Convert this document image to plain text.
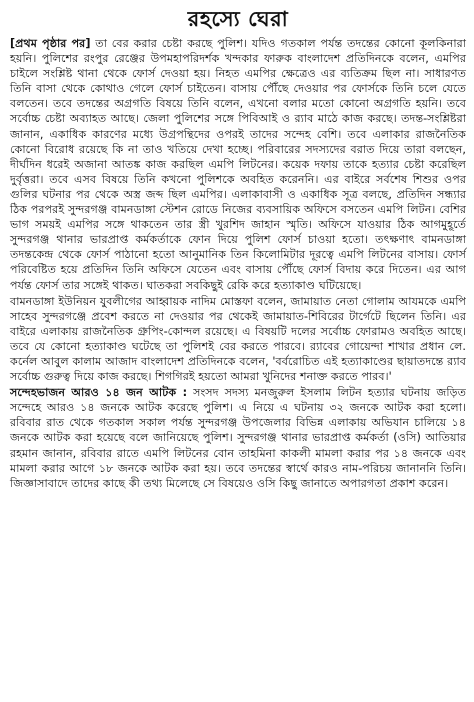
রহস্যে ঘেরা

[প্রথম পৃষ্ঠার পর] তা বের করার চেষ্টা করছে পুলিশ। যদিও গতকাল পর্যন্ত তদন্তের কোনো কূলকিনারা হয়নি। পুলিশের রংপুর রেঞ্জের উপমহাপরিদর্শক খন্দকার ফারুক বাংলাদেশ প্রতিদিনকে বলেন, এমপির চাইলে সংশ্লিষ্ট থানা থেকে ফোর্স দেওয়া হয়। নিহত এমপির ক্ষেত্রেও এর ব্যতিক্রম ছিল না। সাধারণত তিনি বাসা থেকে কোথাও গেলে ফোর্স চাইতেন। বাসায় পৌঁছে দেওয়ার পর ফোর্সকে তিনি চলে যেতে বলতেন। তবে তদন্তের অগ্রগতি বিষয়ে তিনি বলেন, এখনো বলার মতো কোনো অগ্রগতি হয়নি। তবে সর্বোচ্চ চেষ্টা অব্যাহত আছে। জেলা পুলিশের সঙ্গে পিবিআই ও র‌্যাব মাঠে কাজ করছে। তদন্ত-সংশ্লিষ্টরা জানান, একাধিক কারণের মধ্যে উগ্রপন্থিদের ওপরই তাদের সন্দেহ বেশি। তবে এলাকার রাজনৈতিক কোনো বিরোধ রয়েছে কি না তাও খতিয়ে দেখা হচ্ছে। পরিবারের সদস্যদের বরাত দিয়ে তারা বলছেন, দীর্ঘদিন ধরেই অজানা আতঙ্ক কাজ করছিল এমপি লিটনের। কয়েক দফায় তাকে হত্যার চেষ্টা করেছিল দুর্বৃত্তরা। তবে এসব বিষয়ে তিনি কখনো পুলিশকে অবহিত করেননি। এর বাইরে সর্বশেষ শিশুর ওপর গুলির ঘটনার পর থেকে অস্ত্র জব্দ ছিল এমপির। এলাকাবাসী ও একাধিক সূত্র বলছে, প্রতিদিন সন্ধ্যার ঠিক পরপরই সুন্দরগঞ্জ বামনডাঙ্গা স্টেশন রোডে নিজের ব্যবসায়িক অফিসে বসতেন এমপি লিটন। বেশির ভাগ সময়ই এমপির সঙ্গে থাকতেন তার স্ত্রী খুরশিদ জাহান স্মৃতি। অফিসে যাওয়ার ঠিক আগমুহূর্তে সুন্দরগঞ্জ থানার ভারপ্রাপ্ত কর্মকর্তাকে ফোন দিয়ে পুলিশ ফোর্স চাওয়া হতো। তৎক্ষণাৎ বামনডাঙ্গা তদন্তকেন্দ্র থেকে ফোর্স পাঠানো হতো আনুমানিক তিন কিলোমিটার দূরত্বে এমপি লিটনের বাসায়। ফোর্স পরিবেষ্টিত হয়ে প্রতিদিন তিনি অফিসে যেতেন এবং বাসায় পৌঁছে ফোর্স বিদায় করে দিতেন। এর আগ পর্যন্ত ফোর্স তার সঙ্গেই থাকত। ঘাতকরা সবকিছুই রেকি করে হত্যাকাণ্ড ঘটিয়েছে।

বামনডাঙ্গা ইউনিয়ন যুবলীগের আহ্বায়ক নাদিম মোস্তফা বলেন, জামায়াত নেতা গোলাম আযমকে এমপি সাহেব সুন্দরগঞ্জে প্রবেশ করতে না দেওয়ার পর থেকেই জামায়াত-শিবিরের টার্গেটে ছিলেন তিনি। এর বাইরে এলাকায় রাজনৈতিক গ্রুপিং-কোন্দল রয়েছে। এ বিষয়টি দলের সর্বোচ্চ ফোরামও অবহিত আছে। তবে যে কোনো হত্যাকাণ্ড ঘটেছে তা পুলিশই বের করতে পারবে। র‌্যাবের গোয়েন্দা শাখার প্রধান লে. কর্নেল আবুল কালাম আজাদ বাংলাদেশ প্রতিদিনকে বলেন, 'বর্বরোচিত এই হত্যাকাণ্ডের ছায়াতদন্তে র‌্যাব সর্বোচ্চ গুরুত্ব দিয়ে কাজ করছে। শিগগিরই হয়তো আমরা খুনিদের শনাক্ত করতে পারব।'

সন্দেহভাজন আরও ১৪ জন আটক : সংসদ সদস্য মনজুরুল ইসলাম লিটন হত্যার ঘটনায় জড়িত সন্দেহে আরও ১৪ জনকে আটক করেছে পুলিশ। এ নিয়ে এ ঘটনায় ৩২ জনকে আটক করা হলো। রবিবার রাত থেকে গতকাল সকাল পর্যন্ত সুন্দরগঞ্জ উপজেলার বিভিন্ন এলাকায় অভিযান চালিয়ে ১৪ জনকে আটক করা হয়েছে বলে জানিয়েছে পুলিশ। সুন্দরগঞ্জ থানার ভারপ্রাপ্ত কর্মকর্তা (ওসি) আতিয়ার রহমান জানান, রবিবার রাতে এমপি লিটনের বোন তাহমিনা কাকলী মামলা করার পর ১৪ জনকে এবং মামলা করার আগে ১৮ জনকে আটক করা হয়। তবে তদন্তের স্বার্থে কারও নাম-পরিচয় জানাননি তিনি। জিজ্ঞাসাবাদে তাদের কাছে কী তথ্য মিলেছে সে বিষয়েও ওসি কিছু জানাতে অপারগতা প্রকাশ করেন।
